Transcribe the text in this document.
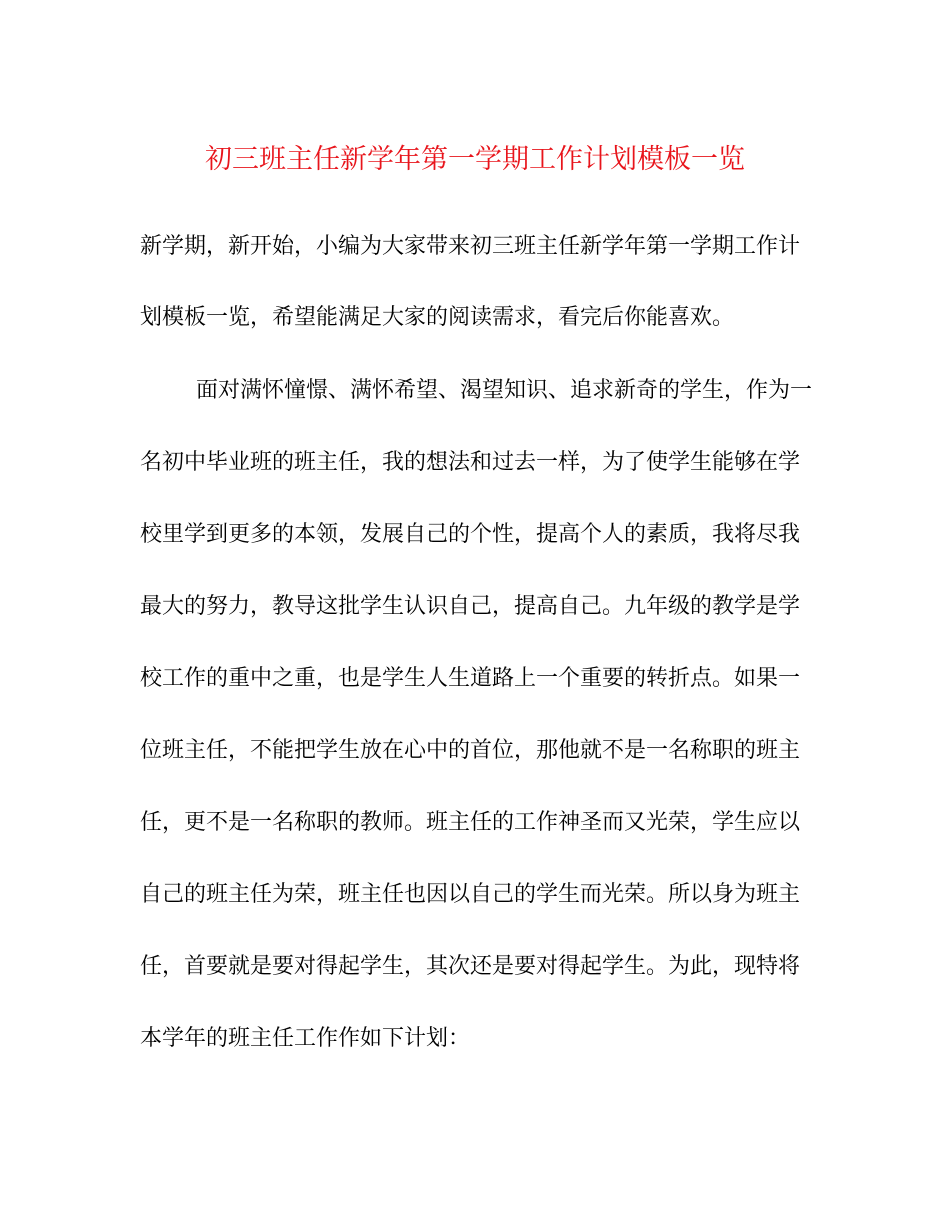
初三班主任新学年第一学期工作计划模板一览
新学期，新开始，小编为大家带来初三班主任新学年第一学期工作计
划模板一览，希望能满足大家的阅读需求，看完后你能喜欢。
面对满怀憧憬、满怀希望、渴望知识、追求新奇的学生，作为一
名初中毕业班的班主任，我的想法和过去一样，为了使学生能够在学
校里学到更多的本领，发展自己的个性，提高个人的素质，我将尽我
最大的努力，教导这批学生认识自己，提高自己。九年级的教学是学
校工作的重中之重，也是学生人生道路上一个重要的转折点。如果一
位班主任，不能把学生放在心中的首位，那他就不是一名称职的班主
任，更不是一名称职的教师。班主任的工作神圣而又光荣，学生应以
自己的班主任为荣，班主任也因以自己的学生而光荣。所以身为班主
任，首要就是要对得起学生，其次还是要对得起学生。为此，现特将
本学年的班主任工作作如下计划：
